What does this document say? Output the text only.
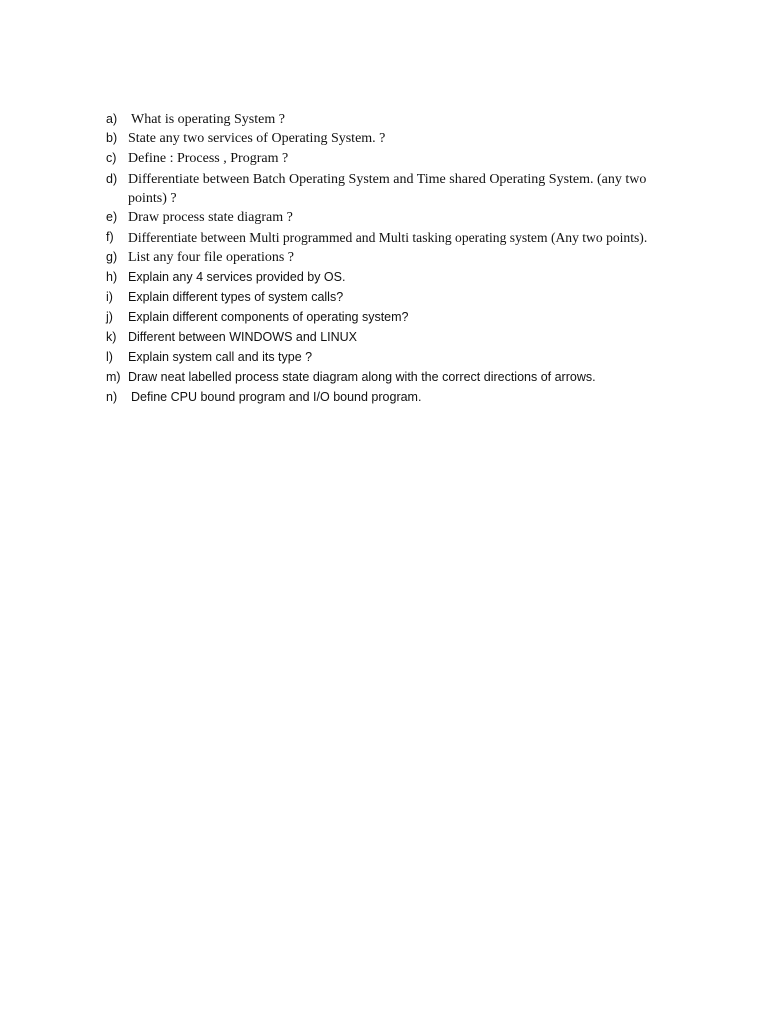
a) What is operating System ?
b) State any two services of Operating System. ?
c) Define : Process , Program ?
d) Differentiate between Batch Operating System and Time shared Operating System. (any two points) ?
e) Draw process state diagram ?
f) Differentiate between Multi programmed and Multi tasking operating system (Any two points).
g) List any four file operations ?
h) Explain any 4 services provided by OS.
i) Explain different types of system calls?
j) Explain different components of operating system?
k) Different between WINDOWS and LINUX
l) Explain system call and its type ?
m) Draw neat labelled process state diagram along with the correct directions of arrows.
n) Define CPU bound program and I/O bound program.
